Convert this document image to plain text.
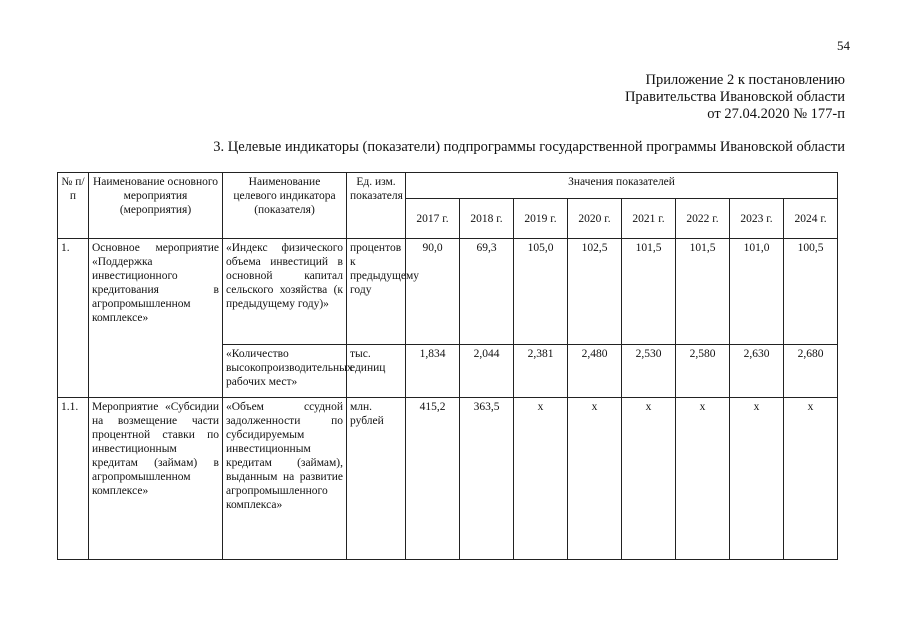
54
Приложение 2 к постановлению
Правительства Ивановской области
от 27.04.2020 № 177-п
3. Целевые индикаторы (показатели) подпрограммы государственной программы Ивановской области
№ п/п	Наименование основного мероприятия (мероприятия)	Наименование целевого индикатора (показателя)	Ед. изм. показателя	Значения показателей							
				2017 г.	2018 г.	2019 г.	2020 г.	2021 г.	2022 г.	2023 г.	2024 г.
1.	Основное мероприятие «Поддержка инвестиционного кредитования в агропромышленном комплексе»	«Индекс физического объема инвестиций в основной капитал сельского хозяйства (к предыдущему году)»	процентов к предыдущему году	90,0	69,3	105,0	102,5	101,5	101,5	101,0	100,5
		«Количество высокопроизводительных рабочих мест»	тыс. единиц	1,834	2,044	2,381	2,480	2,530	2,580	2,630	2,680
1.1.	Мероприятие «Субсидии на возмещение части процентной ставки по инвестиционным кредитам (займам) в агропромышленном комплексе»	«Объем ссудной задолженности по субсидируемым инвестиционным кредитам (займам), выданным на развитие агропромышленного комплекса»	млн. рублей	415,2	363,5	х	х	х	х	х	х
